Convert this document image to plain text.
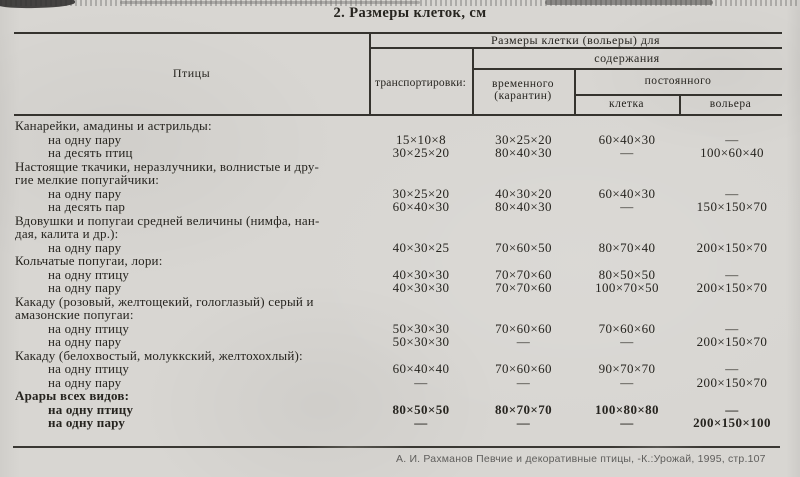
2. Размеры клеток, см
Птицы
Размеры клетки (вольеры) для
транспортировки:
содержания
временного
(карантин)
постоянного
клетка	вольера
Канарейки, амадины и астрильды:
на одну пару	15×10×8	30×25×20	60×40×30	—
на десять птиц	30×25×20	80×40×30	—	100×60×40
Настоящие ткачики, неразлучники, волнистые и дру-
гие мелкие попугайчики:
на одну пару	30×25×20	40×30×20	60×40×30	—
на десять пар	60×40×30	80×40×30	—	150×150×70
Вдовушки и попугаи средней величины (нимфа, нан-
дая, калита и др.):
на одну пару	40×30×25	70×60×50	80×70×40	200×150×70
Кольчатые попугаи, лори:
на одну птицу	40×30×30	70×70×60	80×50×50	—
на одну пару	40×30×30	70×70×60	100×70×50	200×150×70
Какаду (розовый, желтощекий, гологлазый) серый и
амазонские попугаи:
на одну птицу	50×30×30	70×60×60	70×60×60	—
на одну пару	50×30×30	—	—	200×150×70
Какаду (белохвостый, молуккский, желтохохлый):
на одну птицу	60×40×40	70×60×60	90×70×70	—
на одну пару	—	—	—	200×150×70
Арары всех видов:
на одну птицу	80×50×50	80×70×70	100×80×80	—
на одну пару	—	—	—	200×150×100
А. И. Рахманов Певчие и декоративные птицы, -К.:Урожай, 1995, стр.107
